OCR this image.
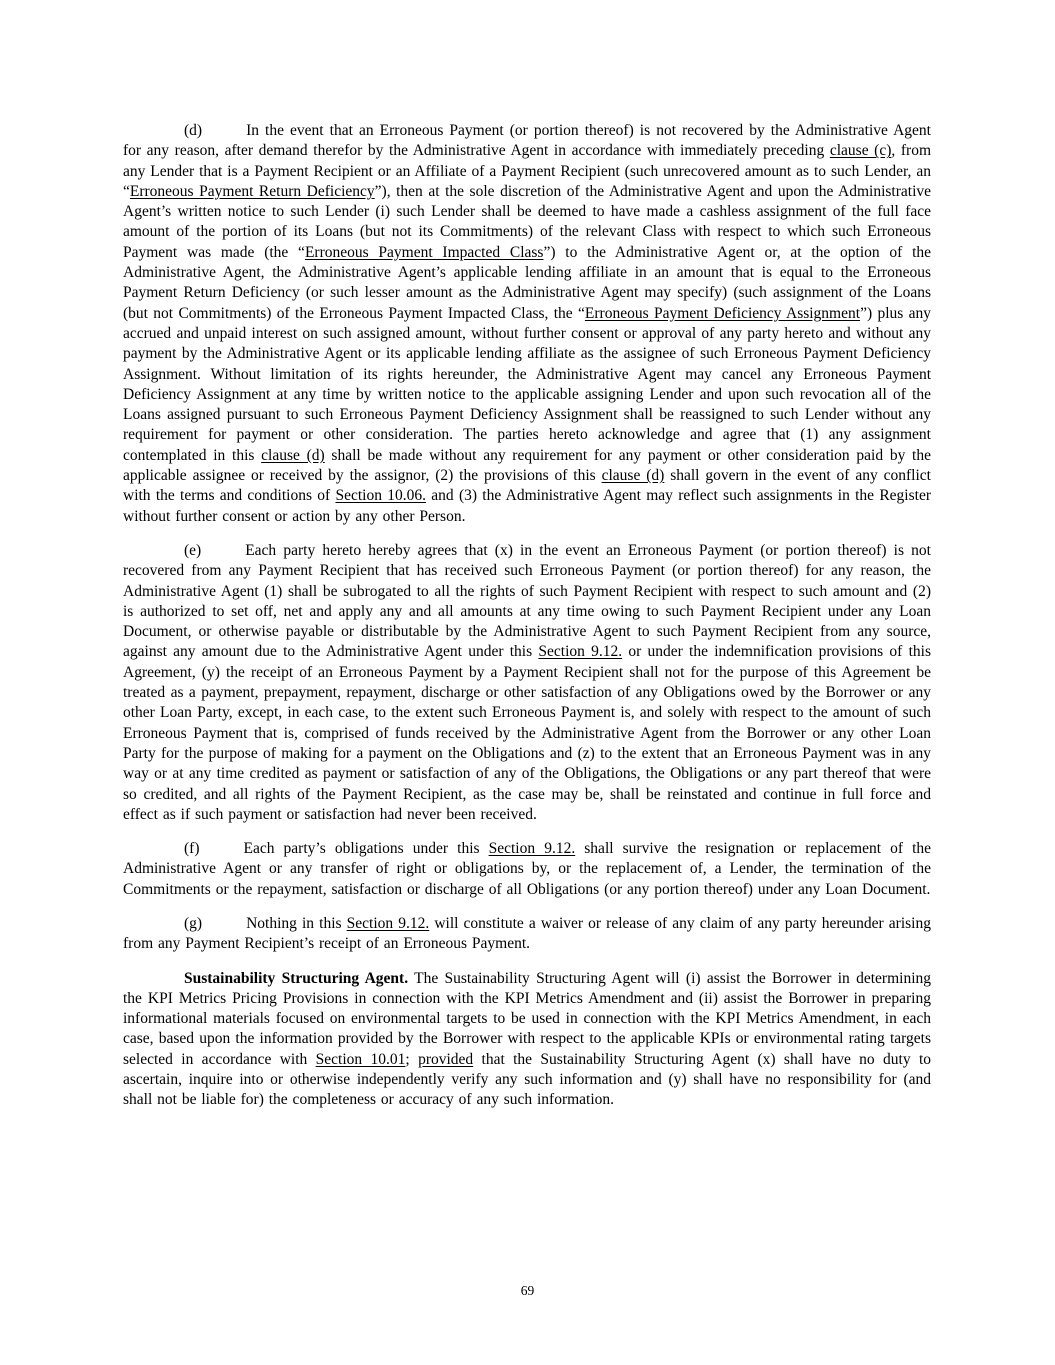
(d)	In the event that an Erroneous Payment (or portion thereof) is not recovered by the Administrative Agent for any reason, after demand therefor by the Administrative Agent in accordance with immediately preceding clause (c), from any Lender that is a Payment Recipient or an Affiliate of a Payment Recipient (such unrecovered amount as to such Lender, an “Erroneous Payment Return Deficiency”), then at the sole discretion of the Administrative Agent and upon the Administrative Agent’s written notice to such Lender (i) such Lender shall be deemed to have made a cashless assignment of the full face amount of the portion of its Loans (but not its Commitments) of the relevant Class with respect to which such Erroneous Payment was made (the “Erroneous Payment Impacted Class”) to the Administrative Agent or, at the option of the Administrative Agent, the Administrative Agent’s applicable lending affiliate in an amount that is equal to the Erroneous Payment Return Deficiency (or such lesser amount as the Administrative Agent may specify) (such assignment of the Loans (but not Commitments) of the Erroneous Payment Impacted Class, the “Erroneous Payment Deficiency Assignment”) plus any accrued and unpaid interest on such assigned amount, without further consent or approval of any party hereto and without any payment by the Administrative Agent or its applicable lending affiliate as the assignee of such Erroneous Payment Deficiency Assignment. Without limitation of its rights hereunder, the Administrative Agent may cancel any Erroneous Payment Deficiency Assignment at any time by written notice to the applicable assigning Lender and upon such revocation all of the Loans assigned pursuant to such Erroneous Payment Deficiency Assignment shall be reassigned to such Lender without any requirement for payment or other consideration. The parties hereto acknowledge and agree that (1) any assignment contemplated in this clause (d) shall be made without any requirement for any payment or other consideration paid by the applicable assignee or received by the assignor, (2) the provisions of this clause (d) shall govern in the event of any conflict with the terms and conditions of Section 10.06. and (3) the Administrative Agent may reflect such assignments in the Register without further consent or action by any other Person.

(e)	Each party hereto hereby agrees that (x) in the event an Erroneous Payment (or portion thereof) is not recovered from any Payment Recipient that has received such Erroneous Payment (or portion thereof) for any reason, the Administrative Agent (1) shall be subrogated to all the rights of such Payment Recipient with respect to such amount and (2) is authorized to set off, net and apply any and all amounts at any time owing to such Payment Recipient under any Loan Document, or otherwise payable or distributable by the Administrative Agent to such Payment Recipient from any source, against any amount due to the Administrative Agent under this Section 9.12. or under the indemnification provisions of this Agreement, (y) the receipt of an Erroneous Payment by a Payment Recipient shall not for the purpose of this Agreement be treated as a payment, prepayment, repayment, discharge or other satisfaction of any Obligations owed by the Borrower or any other Loan Party, except, in each case, to the extent such Erroneous Payment is, and solely with respect to the amount of such Erroneous Payment that is, comprised of funds received by the Administrative Agent from the Borrower or any other Loan Party for the purpose of making for a payment on the Obligations and (z) to the extent that an Erroneous Payment was in any way or at any time credited as payment or satisfaction of any of the Obligations, the Obligations or any part thereof that were so credited, and all rights of the Payment Recipient, as the case may be, shall be reinstated and continue in full force and effect as if such payment or satisfaction had never been received.

(f)	Each party’s obligations under this Section 9.12. shall survive the resignation or replacement of the Administrative Agent or any transfer of right or obligations by, or the replacement of, a Lender, the termination of the Commitments or the repayment, satisfaction or discharge of all Obligations (or any portion thereof) under any Loan Document.

(g)	Nothing in this Section 9.12. will constitute a waiver or release of any claim of any party hereunder arising from any Payment Recipient’s receipt of an Erroneous Payment.

Sustainability Structuring Agent. The Sustainability Structuring Agent will (i) assist the Borrower in determining the KPI Metrics Pricing Provisions in connection with the KPI Metrics Amendment and (ii) assist the Borrower in preparing informational materials focused on environmental targets to be used in connection with the KPI Metrics Amendment, in each case, based upon the information provided by the Borrower with respect to the applicable KPIs or environmental rating targets selected in accordance with Section 10.01; provided that the Sustainability Structuring Agent (x) shall have no duty to ascertain, inquire into or otherwise independently verify any such information and (y) shall have no responsibility for (and shall not be liable for) the completeness or accuracy of any such information.

69
